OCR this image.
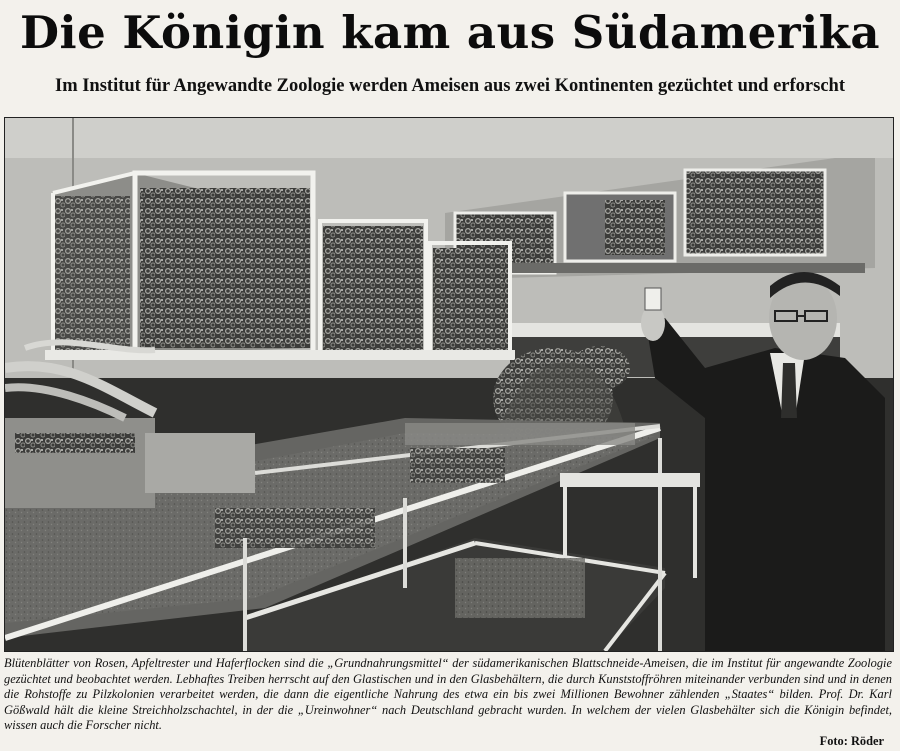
Die Königin kam aus Südamerika
Im Institut für Angewandte Zoologie werden Ameisen aus zwei Kontinenten gezüchtet und erforscht
Blütenblätter von Rosen, Apfeltrester und Haferflocken sind die „Grundnahrungsmittel“ der südamerikanischen Blattschneide-Ameisen, die im Institut für angewandte Zoologie gezüchtet und beobachtet werden. Lebhaftes Treiben herrscht auf den Glastischen und in den Glasbehältern, die durch Kunststoffröhren miteinander verbunden sind und in denen die Rohstoffe zu Pilzkolonien verarbeitet werden, die dann die eigentliche Nahrung des etwa ein bis zwei Millionen Bewohner zählenden „Staates“ bilden. Prof. Dr. Karl Gößwald hält die kleine Streichholzschachtel, in der die „Ureinwohner“ nach Deutschland gebracht wurden. In welchem der vielen Glasbehälter sich die Königin befindet, wissen auch die Forscher nicht.
Foto: Röder
